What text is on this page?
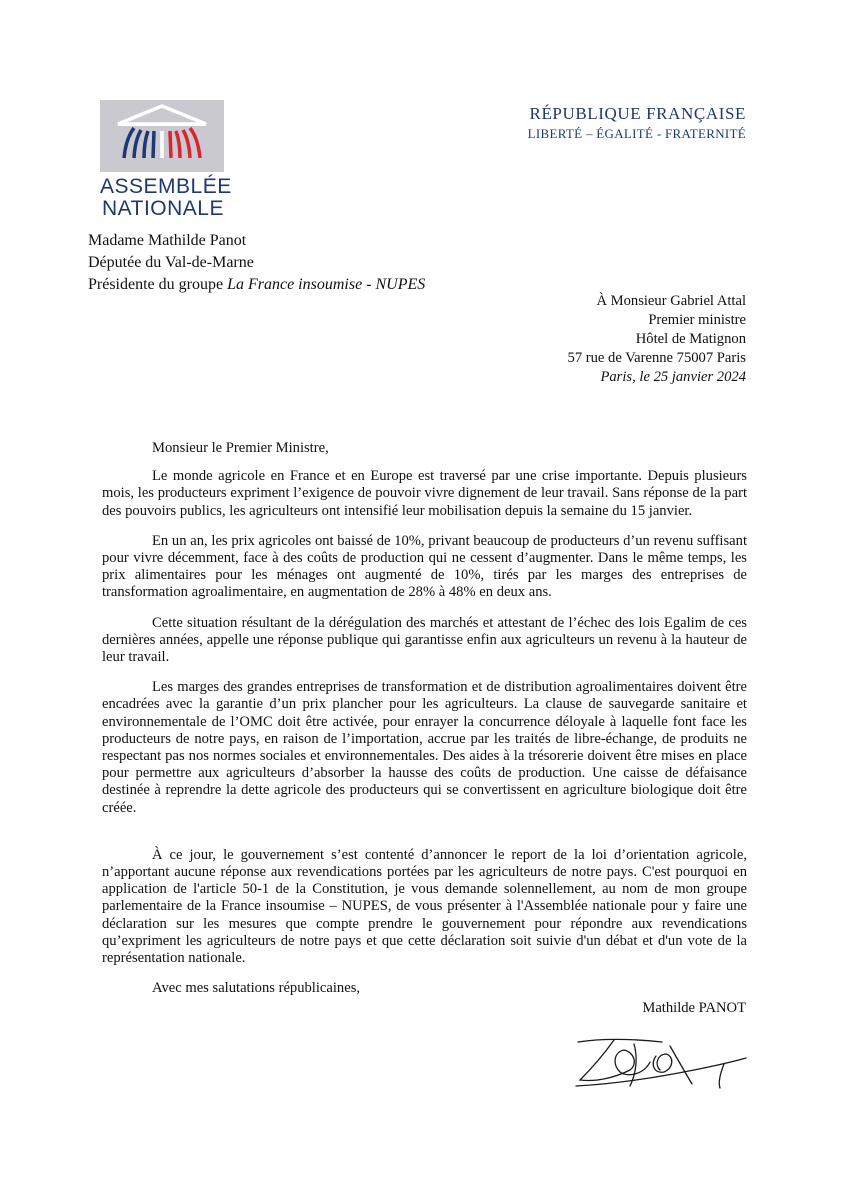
ASSEMBLÉE
NATIONALE
RÉPUBLIQUE FRANÇAISE
LIBERTÉ – ÉGALITÉ - FRATERNITÉ
Madame Mathilde Panot
Députée du Val-de-Marne
Présidente du groupe La France insoumise - NUPES
À Monsieur Gabriel Attal
Premier ministre
Hôtel de Matignon
57 rue de Varenne 75007 Paris
Paris, le 25 janvier 2024

Monsieur le Premier Ministre,

Le monde agricole en France et en Europe est traversé par une crise importante. Depuis plusieurs mois, les producteurs expriment l’exigence de pouvoir vivre dignement de leur travail. Sans réponse de la part des pouvoirs publics, les agriculteurs ont intensifié leur mobilisation depuis la semaine du 15 janvier.

En un an, les prix agricoles ont baissé de 10%, privant beaucoup de producteurs d’un revenu suffisant pour vivre décemment, face à des coûts de production qui ne cessent d’augmenter. Dans le même temps, les prix alimentaires pour les ménages ont augmenté de 10%, tirés par les marges des entreprises de transformation agroalimentaire, en augmentation de 28% à 48% en deux ans.

Cette situation résultant de la dérégulation des marchés et attestant de l’échec des lois Egalim de ces dernières années, appelle une réponse publique qui garantisse enfin aux agriculteurs un revenu à la hauteur de leur travail.

Les marges des grandes entreprises de transformation et de distribution agroalimentaires doivent être encadrées avec la garantie d’un prix plancher pour les agriculteurs. La clause de sauvegarde sanitaire et environnementale de l’OMC doit être activée, pour enrayer la concurrence déloyale à laquelle font face les producteurs de notre pays, en raison de l’importation, accrue par les traités de libre-échange, de produits ne respectant pas nos normes sociales et environnementales. Des aides à la trésorerie doivent être mises en place pour permettre aux agriculteurs d’absorber la hausse des coûts de production. Une caisse de défaisance destinée à reprendre la dette agricole des producteurs qui se convertissent en agriculture biologique doit être créée.

À ce jour, le gouvernement s’est contenté d’annoncer le report de la loi d’orientation agricole, n’apportant aucune réponse aux revendications portées par les agriculteurs de notre pays. C'est pourquoi en application de l'article 50-1 de la Constitution, je vous demande solennellement, au nom de mon groupe parlementaire de la France insoumise – NUPES, de vous présenter à l'Assemblée nationale pour y faire une déclaration sur les mesures que compte prendre le gouvernement pour répondre aux revendications qu’expriment les agriculteurs de notre pays et que cette déclaration soit suivie d'un débat et d'un vote de la représentation nationale.

Avec mes salutations républicaines,

Mathilde PANOT
